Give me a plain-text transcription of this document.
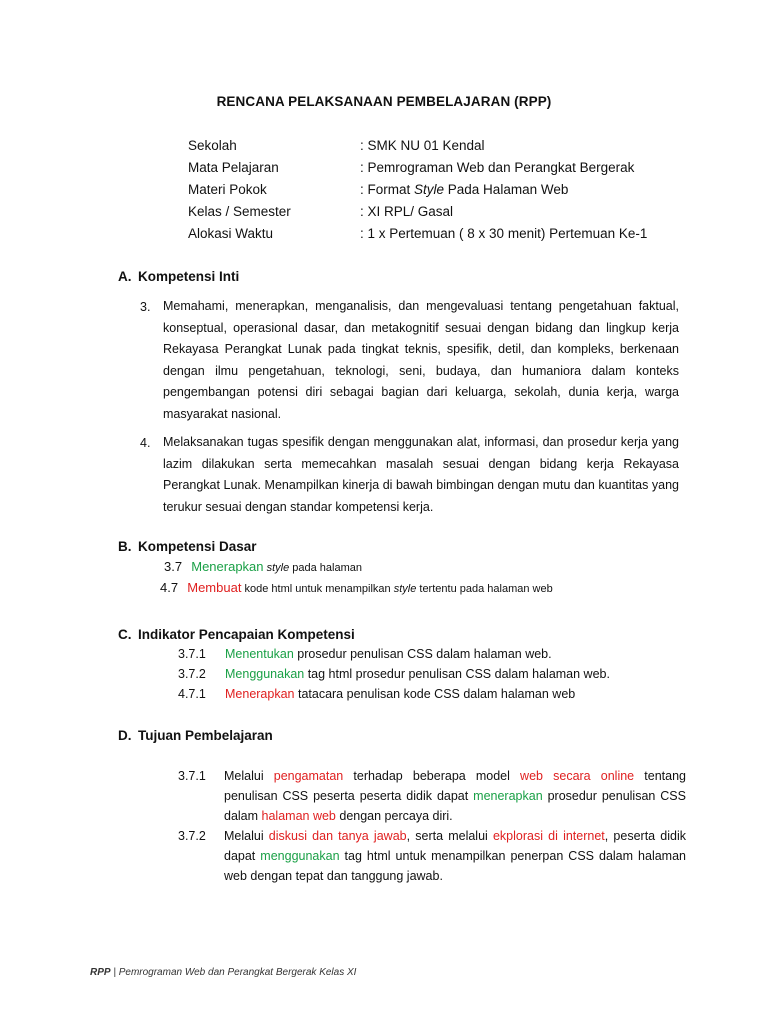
RENCANA PELAKSANAAN PEMBELAJARAN (RPP)
Sekolah	: SMK NU 01 Kendal
Mata Pelajaran	: Pemrograman Web dan Perangkat Bergerak
Materi Pokok	: Format Style Pada Halaman Web
Kelas / Semester	: XI RPL/ Gasal
Alokasi Waktu	: 1 x Pertemuan ( 8 x 30 menit) Pertemuan Ke-1
A. Kompetensi Inti
3. Memahami, menerapkan, menganalisis, dan mengevaluasi tentang pengetahuan faktual, konseptual, operasional dasar, dan metakognitif sesuai dengan bidang dan lingkup kerja Rekayasa Perangkat Lunak pada tingkat teknis, spesifik, detil, dan kompleks, berkenaan dengan ilmu pengetahuan, teknologi, seni, budaya, dan humaniora dalam konteks pengembangan potensi diri sebagai bagian dari keluarga, sekolah, dunia kerja, warga masyarakat nasional.
4. Melaksanakan tugas spesifik dengan menggunakan alat, informasi, dan prosedur kerja yang lazim dilakukan serta memecahkan masalah sesuai dengan bidang kerja Rekayasa Perangkat Lunak. Menampilkan kinerja di bawah bimbingan dengan mutu dan kuantitas yang terukur sesuai dengan standar kompetensi kerja.
B. Kompetensi Dasar
3.7 Menerapkan style pada halaman
4.7 Membuat kode html untuk menampilkan style tertentu pada halaman web
C. Indikator Pencapaian Kompetensi
3.7.1 Menentukan prosedur penulisan CSS dalam halaman web.
3.7.2 Menggunakan tag html prosedur penulisan CSS dalam halaman web.
4.7.1 Menerapkan tatacara penulisan kode CSS dalam halaman web
D. Tujuan Pembelajaran
3.7.1 Melalui pengamatan terhadap beberapa model web secara online tentang penulisan CSS peserta peserta didik dapat menerapkan prosedur penulisan CSS dalam halaman web dengan percaya diri.
3.7.2 Melalui diskusi dan tanya jawab, serta melalui ekplorasi di internet, peserta didik dapat menggunakan tag html untuk menampilkan penerpan CSS dalam halaman web dengan tepat dan tanggung jawab.
RPP | Pemrograman Web dan Perangkat Bergerak Kelas XI
